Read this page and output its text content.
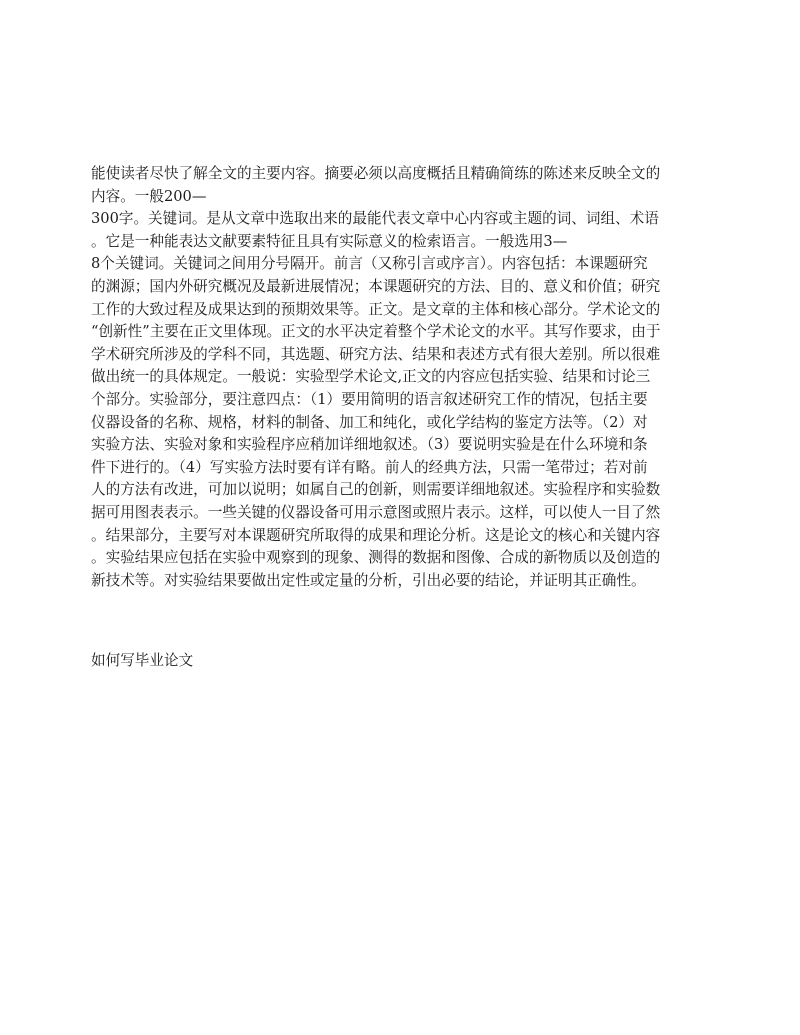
能使读者尽快了解全文的主要内容。摘要必须以高度概括且精确简练的陈述来反映全文的
内容。一般200—
300字。关键词。是从文章中选取出来的最能代表文章中心内容或主题的词、词组、术语
。它是一种能表达文献要素特征且具有实际意义的检索语言。一般选用3—
8个关键词。关键词之间用分号隔开。前言（又称引言或序言）。内容包括：本课题研究
的渊源；国内外研究概况及最新进展情况；本课题研究的方法、目的、意义和价值；研究
工作的大致过程及成果达到的预期效果等。正文。是文章的主体和核心部分。学术论文的
“创新性”主要在正文里体现。正文的水平决定着整个学术论文的水平。其写作要求，由于
学术研究所涉及的学科不同，其选题、研究方法、结果和表述方式有很大差别。所以很难
做出统一的具体规定。一般说：实验型学术论文,正文的内容应包括实验、结果和讨论三
个部分。实验部分，要注意四点：（1）要用简明的语言叙述研究工作的情况，包括主要
仪器设备的名称、规格，材料的制备、加工和纯化，或化学结构的鉴定方法等。（2）对
实验方法、实验对象和实验程序应稍加详细地叙述。（3）要说明实验是在什么环境和条
件下进行的。（4）写实验方法时要有详有略。前人的经典方法，只需一笔带过；若对前
人的方法有改进，可加以说明；如属自己的创新，则需要详细地叙述。实验程序和实验数
据可用图表表示。一些关键的仪器设备可用示意图或照片表示。这样，可以使人一目了然
。结果部分，主要写对本课题研究所取得的成果和理论分析。这是论文的核心和关键内容
。实验结果应包括在实验中观察到的现象、测得的数据和图像、合成的新物质以及创造的
新技术等。对实验结果要做出定性或定量的分析，引出必要的结论，并证明其正确性。
如何写毕业论文
